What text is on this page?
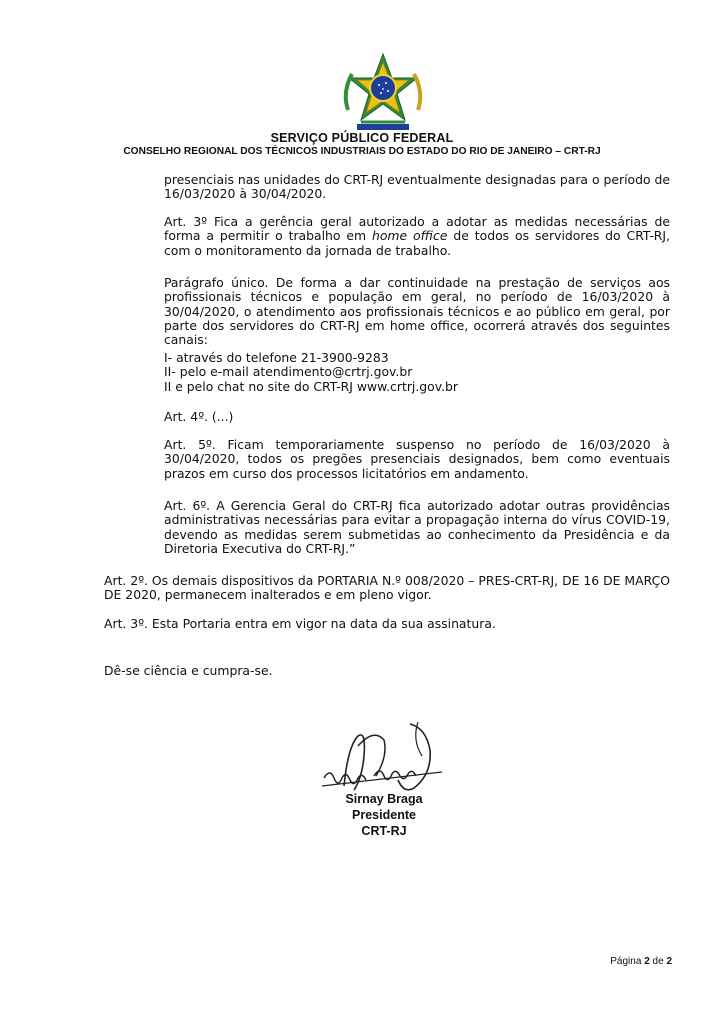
SERVIÇO PÚBLICO FEDERAL
CONSELHO REGIONAL DOS TÉCNICOS INDUSTRIAIS DO ESTADO DO RIO DE JANEIRO – CRT-RJ

presenciais nas unidades do CRT-RJ eventualmente designadas para o período de 16/03/2020 à 30/04/2020.

Art. 3º Fica a gerência geral autorizado a adotar as medidas necessárias de forma a permitir o trabalho em home office de todos os servidores do CRT-RJ, com o monitoramento da jornada de trabalho.

Parágrafo único. De forma a dar continuidade na prestação de serviços aos profissionais técnicos e população em geral, no período de 16/03/2020 à 30/04/2020, o atendimento aos profissionais técnicos e ao público em geral, por parte dos servidores do CRT-RJ em home office, ocorrerá através dos seguintes canais:

I- através do telefone 21-3900-9283
II- pelo e-mail atendimento@crtrj.gov.br
II e pelo chat no site do CRT-RJ www.crtrj.gov.br

Art. 4º. (...)

Art. 5º. Ficam temporariamente suspenso no período de 16/03/2020 à 30/04/2020, todos os pregões presenciais designados, bem como eventuais prazos em curso dos processos licitatórios em andamento.

Art. 6º. A Gerencia Geral do CRT-RJ fica autorizado adotar outras providências administrativas necessárias para evitar a propagação interna do vírus COVID-19, devendo as medidas serem submetidas ao conhecimento da Presidência e da Diretoria Executiva do CRT-RJ.”

Art. 2º. Os demais dispositivos da PORTARIA N.º 008/2020 – PRES-CRT-RJ, DE 16 DE MARÇO DE 2020, permanecem inalterados e em pleno vigor.

Art. 3º. Esta Portaria entra em vigor na data da sua assinatura.

Dê-se ciência e cumpra-se.

Sirnay Braga
Presidente
CRT-RJ
Página 2 de 2
